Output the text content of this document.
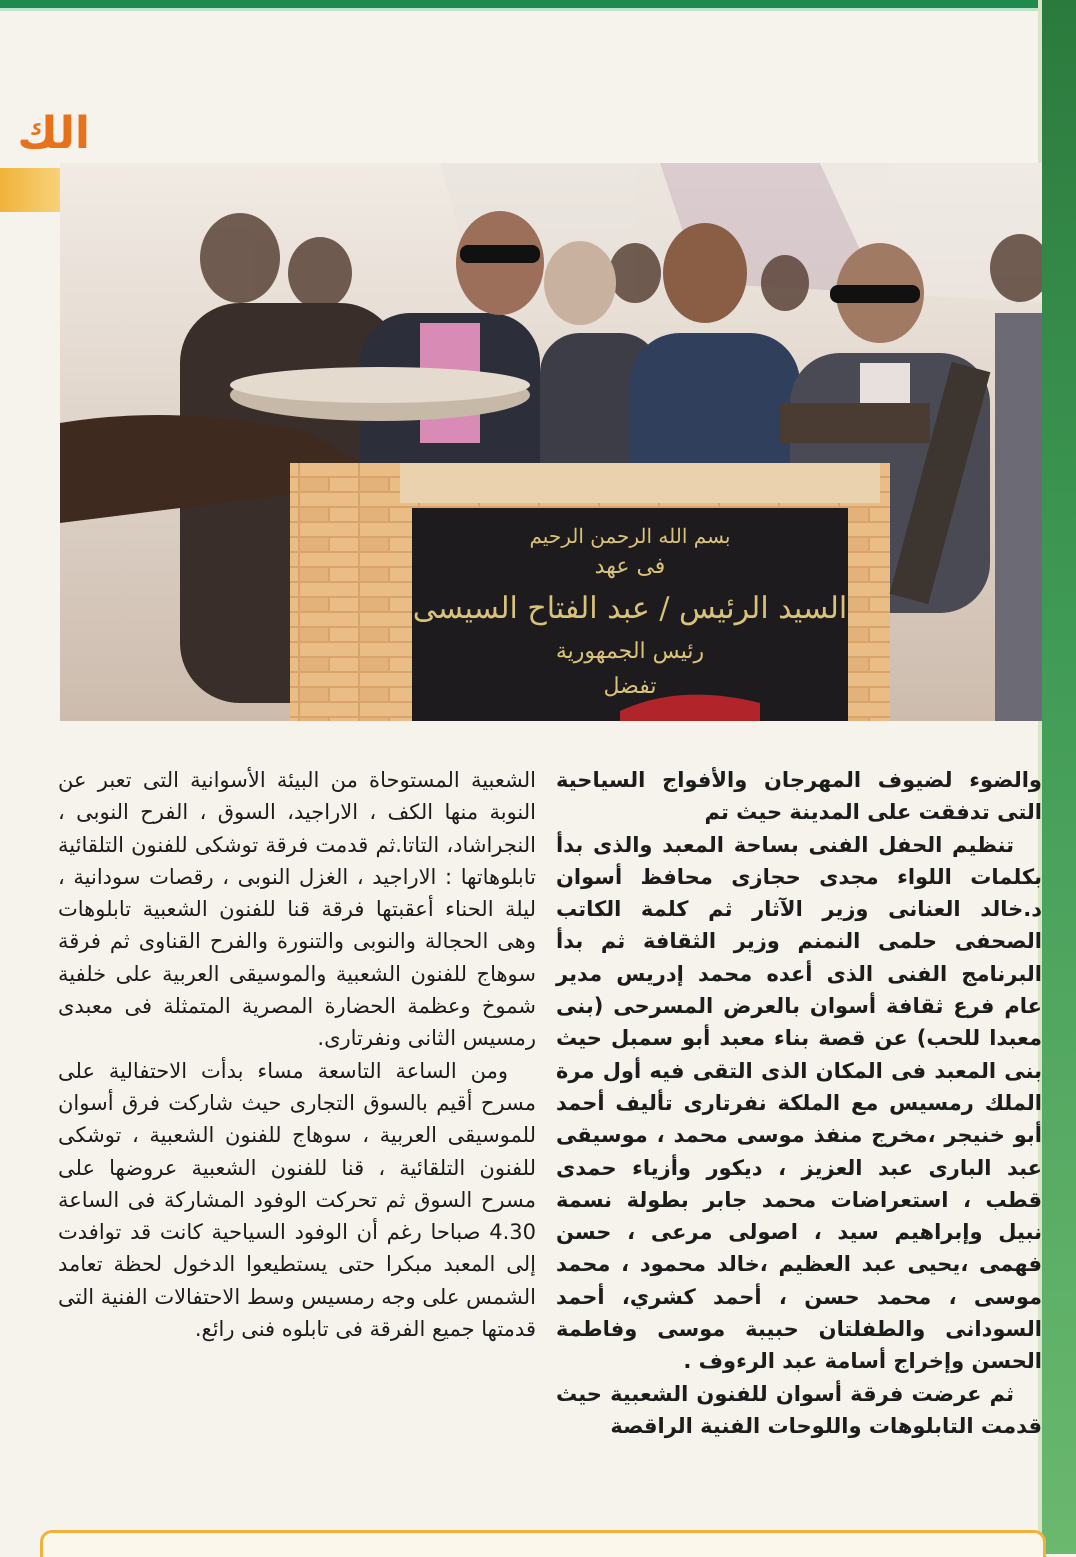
الك
بسم الله الرحمن الرحيم
فى عهد
السيد الرئيس / عبد الفتاح السيسى
رئيس الجمهورية
تفضل

والضوء لضيوف المهرجان والأفواج السياحية التى تدفقت على المدينة حيث تم

تنظيم الحفل الفنى بساحة المعبد والذى بدأ بكلمات اللواء مجدى حجازى محافظ أسوان د.خالد العنانى وزير الآثار ثم كلمة الكاتب الصحفى حلمى النمنم وزير الثقافة ثم بدأ البرنامج الفنى الذى أعده محمد إدريس مدير عام فرع ثقافة أسوان بالعرض المسرحى (بنى معبدا للحب) عن قصة بناء معبد أبو سمبل حيث بنى المعبد فى المكان الذى التقى فيه أول مرة الملك رمسيس مع الملكة نفرتارى تأليف أحمد أبو خنيجر ،مخرج منفذ موسى محمد ، موسيقى عبد البارى عبد العزيز ، ديكور وأزياء حمدى قطب ، استعراضات محمد جابر بطولة نسمة نبيل وإبراهيم سيد ، اصولى مرعى ، حسن فهمى ،يحيى عبد العظيم ،خالد محمود ، محمد موسى ، محمد حسن ، أحمد كشري، أحمد السودانى والطفلتان حبيبة موسى وفاطمة الحسن وإخراج أسامة عبد الرءوف .

ثم عرضت فرقة أسوان للفنون الشعبية حيث قدمت التابلوهات واللوحات الفنية الراقصة

الشعبية المستوحاة من البيئة الأسوانية التى تعبر عن النوبة منها الكف ، الاراجيد، السوق ، الفرح النوبى ، النجراشاد، التاتا.ثم قدمت فرقة توشكى للفنون التلقائية تابلوهاتها : الاراجيد ، الغزل النوبى ، رقصات سودانية ، ليلة الحناء أعقبتها فرقة قنا للفنون الشعبية تابلوهات وهى الحجالة والنوبى والتنورة والفرح القناوى ثم فرقة سوهاج للفنون الشعبية والموسيقى العربية على خلفية شموخ وعظمة الحضارة المصرية المتمثلة فى معبدى رمسيس الثانى ونفرتارى.

ومن الساعة التاسعة مساء بدأت الاحتفالية على مسرح أقيم بالسوق التجارى حيث شاركت فرق أسوان للموسيقى العربية ، سوهاج للفنون الشعبية ، توشكى للفنون التلقائية ، قنا للفنون الشعبية عروضها على مسرح السوق ثم تحركت الوفود المشاركة فى الساعة 4.30 صباحا رغم أن الوفود السياحية كانت قد توافدت إلى المعبد مبكرا حتى يستطيعوا الدخول لحظة تعامد الشمس على وجه رمسيس وسط الاحتفالات الفنية التى قدمتها جميع الفرقة فى تابلوه فنى رائع.
